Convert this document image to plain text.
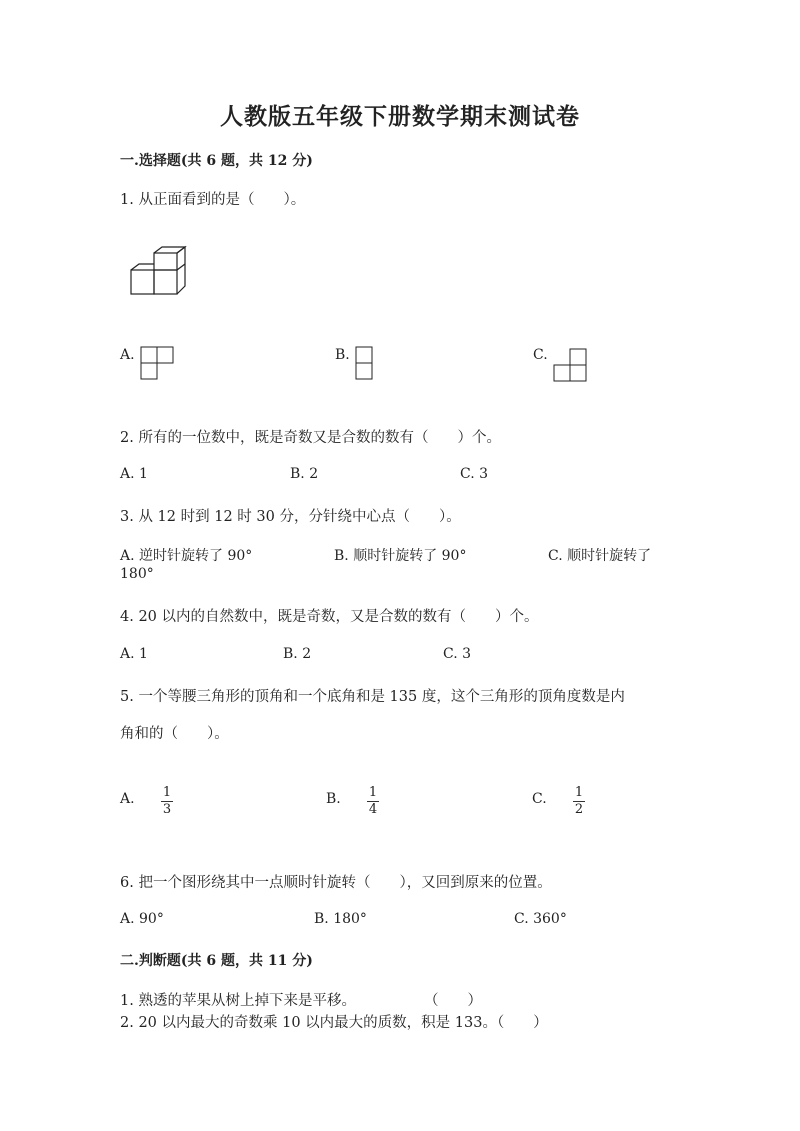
人教版五年级下册数学期末测试卷
一.选择题(共 6 题，共 12 分)
1. 从正面看到的是（　　）。
A.	B.	C.
2. 所有的一位数中，既是奇数又是合数的数有（　　）个。
A. 1	B. 2	C. 3
3. 从 12 时到 12 时 30 分，分针绕中心点（　　）。
A. 逆时针旋转了 90°	B. 顺时针旋转了 90°	C. 顺时针旋转了
180°
4. 20 以内的自然数中，既是奇数，又是合数的数有（　　）个。
A. 1	B. 2	C. 3
5. 一个等腰三角形的顶角和一个底角和是 135 度，这个三角形的顶角度数是内
角和的（　　）。
A. 1
3
B. 1
4
C. 1
2
6. 把一个图形绕其中一点顺时针旋转（　　），又回到原来的位置。
A. 90°	B. 180°	C. 360°
二.判断题(共 6 题，共 11 分)
1. 熟透的苹果从树上掉下来是平移。	（　　）
2. 20 以内最大的奇数乘 10 以内最大的质数，积是 133。（　　）
